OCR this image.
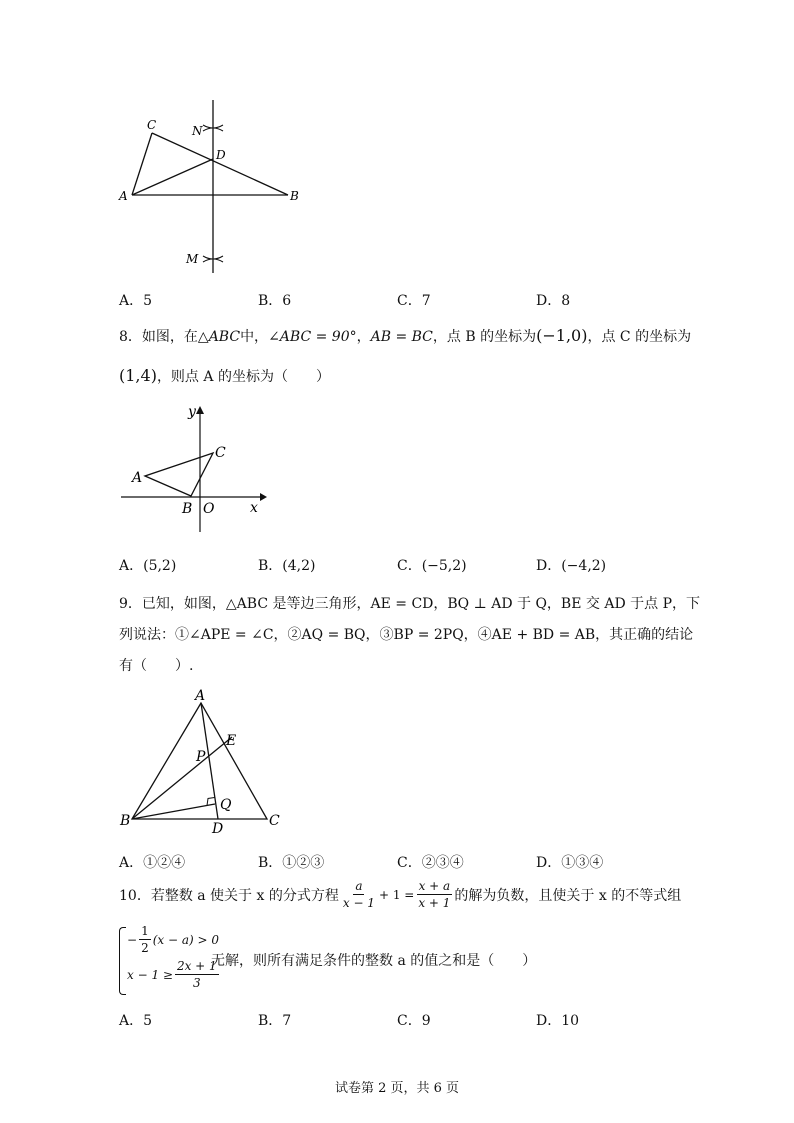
C	N
D
A	B
M
A．5	B．6	C．7	D．8
8．如图，在△ABC中，∠ABC = 90°，AB = BC，点 B 的坐标为(−1,0)，点 C 的坐标为
(1,4)，则点 A 的坐标为（　　）
y
x
A
C
B O
A．(5,2)	B．(4,2)	C．(−5,2)	D．(−4,2)
9．已知，如图，△ABC 是等边三角形，AE = CD，BQ ⊥ AD 于 Q，BE 交 AD 于点 P，下
列说法：①∠APE = ∠C，②AQ = BQ，③BP = 2PQ，④AE + BD = AB，其正确的结论
有（　　）.
A
E
P
Q
B	D	C
A．①②④	B．①②③	C．②③④	D．①③④
10．若整数 a 使关于 x 的分式方程 $\frac{a}{x - 1} + 1 = \frac{x + a}{x + 1}$ 的解为负数，且使关于 x 的不等式组
− $\frac{1}{2} (x - a) > 0$
$x - 1 \ge \frac{2x + 1}{3}$
无解，则所有满足条件的整数 a 的值之和是（　　）
A．5	B．7	C．9	D．10
试卷第 2 页，共 6 页
